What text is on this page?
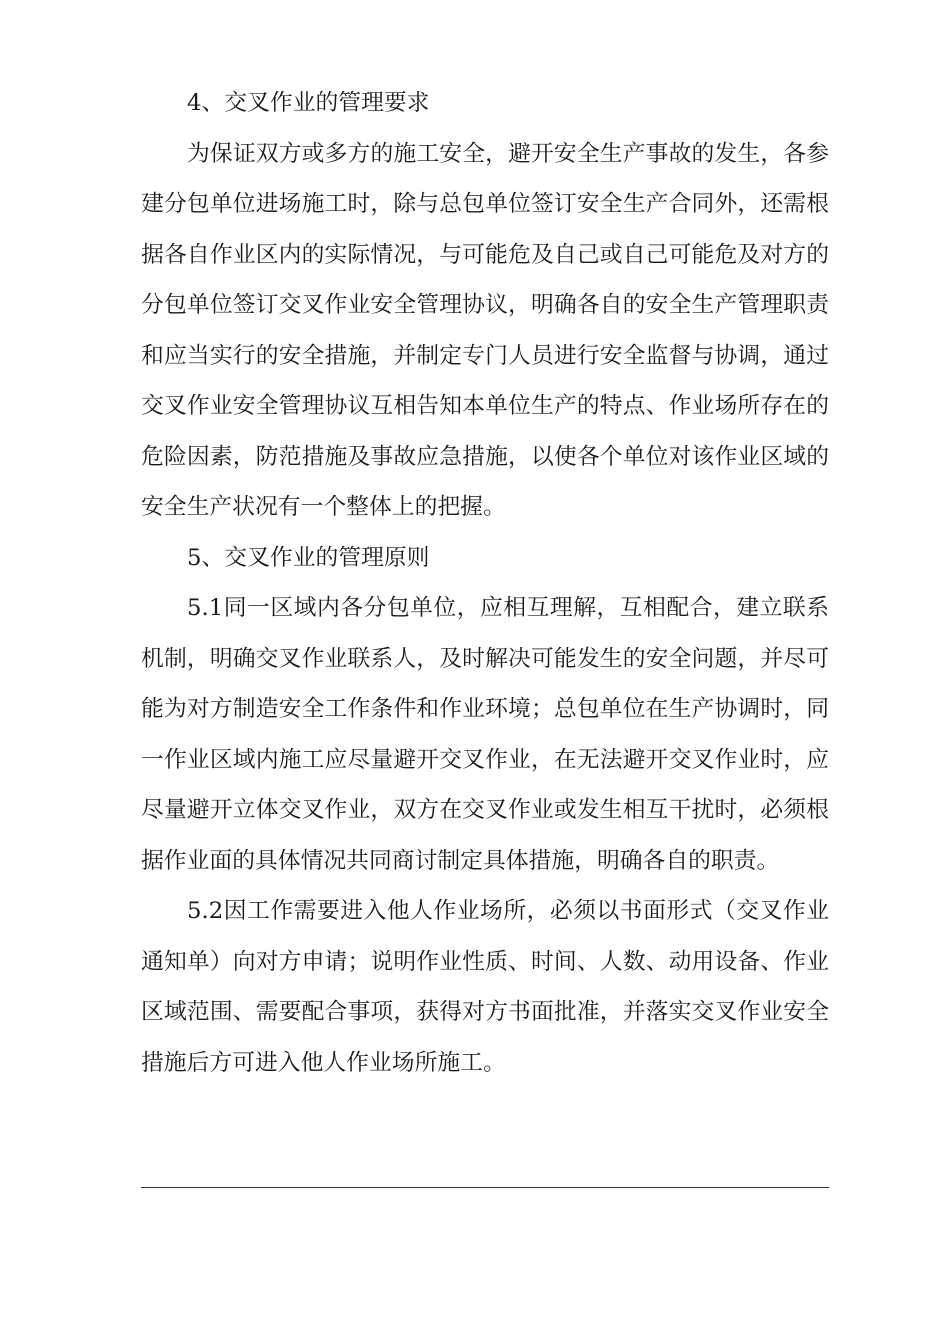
4、交叉作业的管理要求

为保证双方或多方的施工安全，避开安全生产事故的发生，各参建分包单位进场施工时，除与总包单位签订安全生产合同外，还需根据各自作业区内的实际情况，与可能危及自己或自己可能危及对方的分包单位签订交叉作业安全管理协议，明确各自的安全生产管理职责和应当实行的安全措施，并制定专门人员进行安全监督与协调，通过交叉作业安全管理协议互相告知本单位生产的特点、作业场所存在的危险因素，防范措施及事故应急措施，以使各个单位对该作业区域的安全生产状况有一个整体上的把握。

5、交叉作业的管理原则

5.1同一区域内各分包单位，应相互理解，互相配合，建立联系机制，明确交叉作业联系人，及时解决可能发生的安全问题，并尽可能为对方制造安全工作条件和作业环境；总包单位在生产协调时，同一作业区域内施工应尽量避开交叉作业，在无法避开交叉作业时，应尽量避开立体交叉作业，双方在交叉作业或发生相互干扰时，必须根据作业面的具体情况共同商讨制定具体措施，明确各自的职责。

5.2因工作需要进入他人作业场所，必须以书面形式（交叉作业通知单）向对方申请；说明作业性质、时间、人数、动用设备、作业区域范围、需要配合事项，获得对方书面批准，并落实交叉作业安全措施后方可进入他人作业场所施工。
